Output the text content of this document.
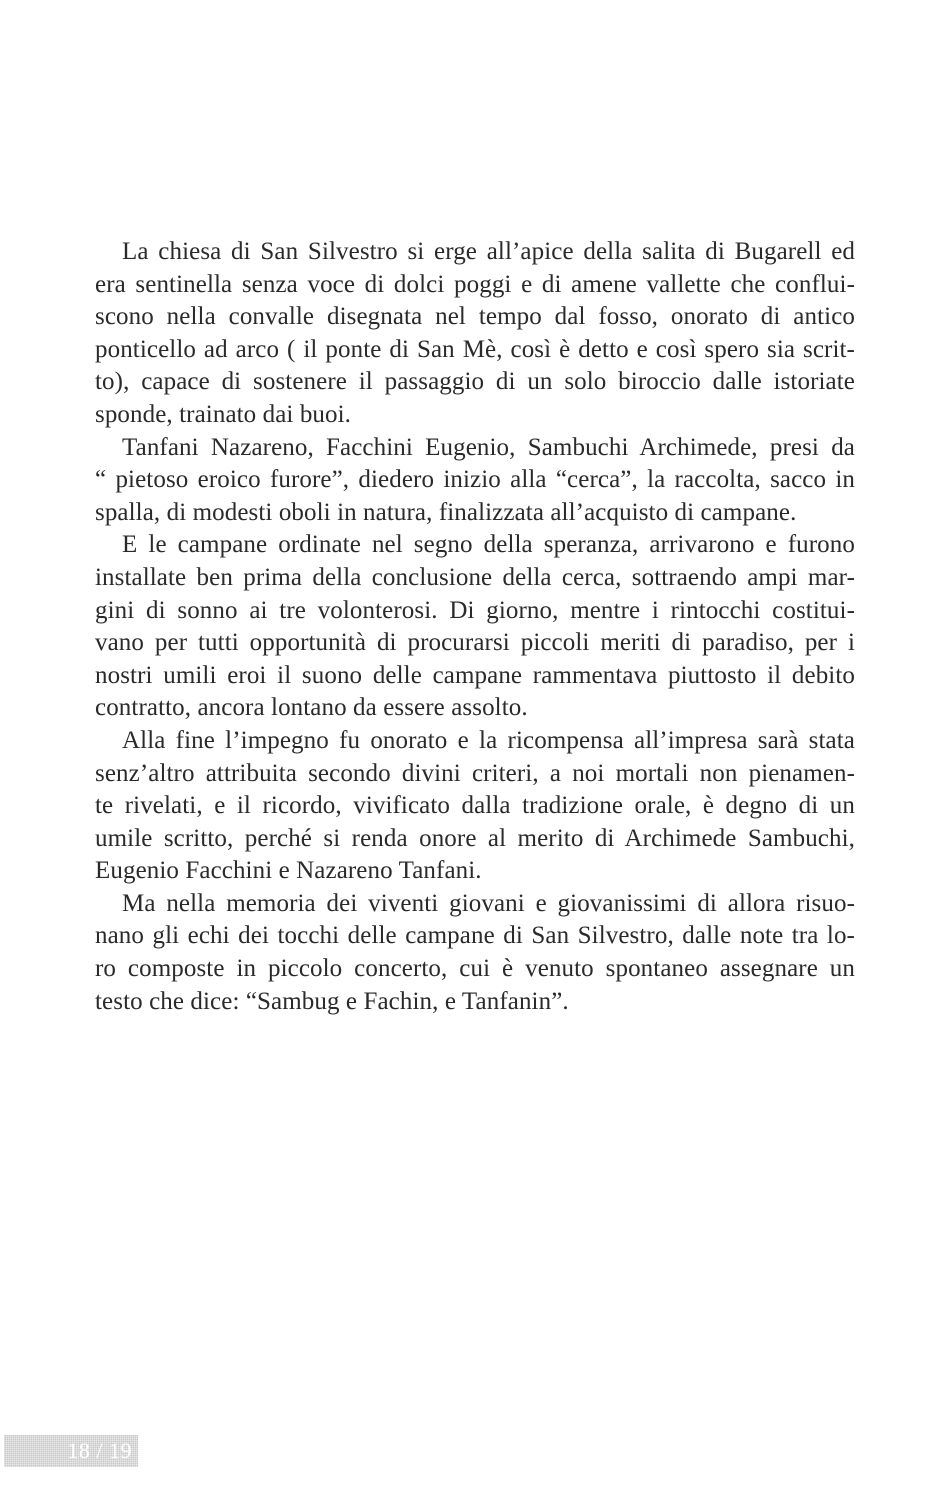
La chiesa di San Silvestro si erge all’apice della salita di Bugarell ed
era sentinella senza voce di dolci poggi e di amene vallette che conflui-
scono nella convalle disegnata nel tempo dal fosso, onorato di antico
ponticello ad arco ( il ponte di San Mè, così è detto e così spero sia scrit-
to), capace di sostenere il passaggio di un solo biroccio dalle istoriate
sponde, trainato dai buoi.
Tanfani Nazareno, Facchini Eugenio, Sambuchi Archimede, presi da
“ pietoso eroico furore”, diedero inizio alla “cerca”, la raccolta, sacco in
spalla, di modesti oboli in natura, finalizzata all’acquisto di campane.
E le campane ordinate nel segno della speranza, arrivarono e furono
installate ben prima della conclusione della cerca, sottraendo ampi mar-
gini di sonno ai tre volonterosi. Di giorno, mentre i rintocchi costitui-
vano per tutti opportunità di procurarsi piccoli meriti di paradiso, per i
nostri umili eroi il suono delle campane rammentava piuttosto il debito
contratto, ancora lontano da essere assolto.
Alla fine l’impegno fu onorato e la ricompensa all’impresa sarà stata
senz’altro attribuita secondo divini criteri, a noi mortali non pienamen-
te rivelati, e il ricordo, vivificato dalla tradizione orale, è degno di un
umile scritto, perché si renda onore al merito di Archimede Sambuchi,
Eugenio Facchini e Nazareno Tanfani.
Ma nella memoria dei viventi giovani e giovanissimi di allora risuo-
nano gli echi dei tocchi delle campane di San Silvestro, dalle note tra lo-
ro composte in piccolo concerto, cui è venuto spontaneo assegnare un
testo che dice: “Sambug e Fachin, e Tanfanin”.
18 / 19
